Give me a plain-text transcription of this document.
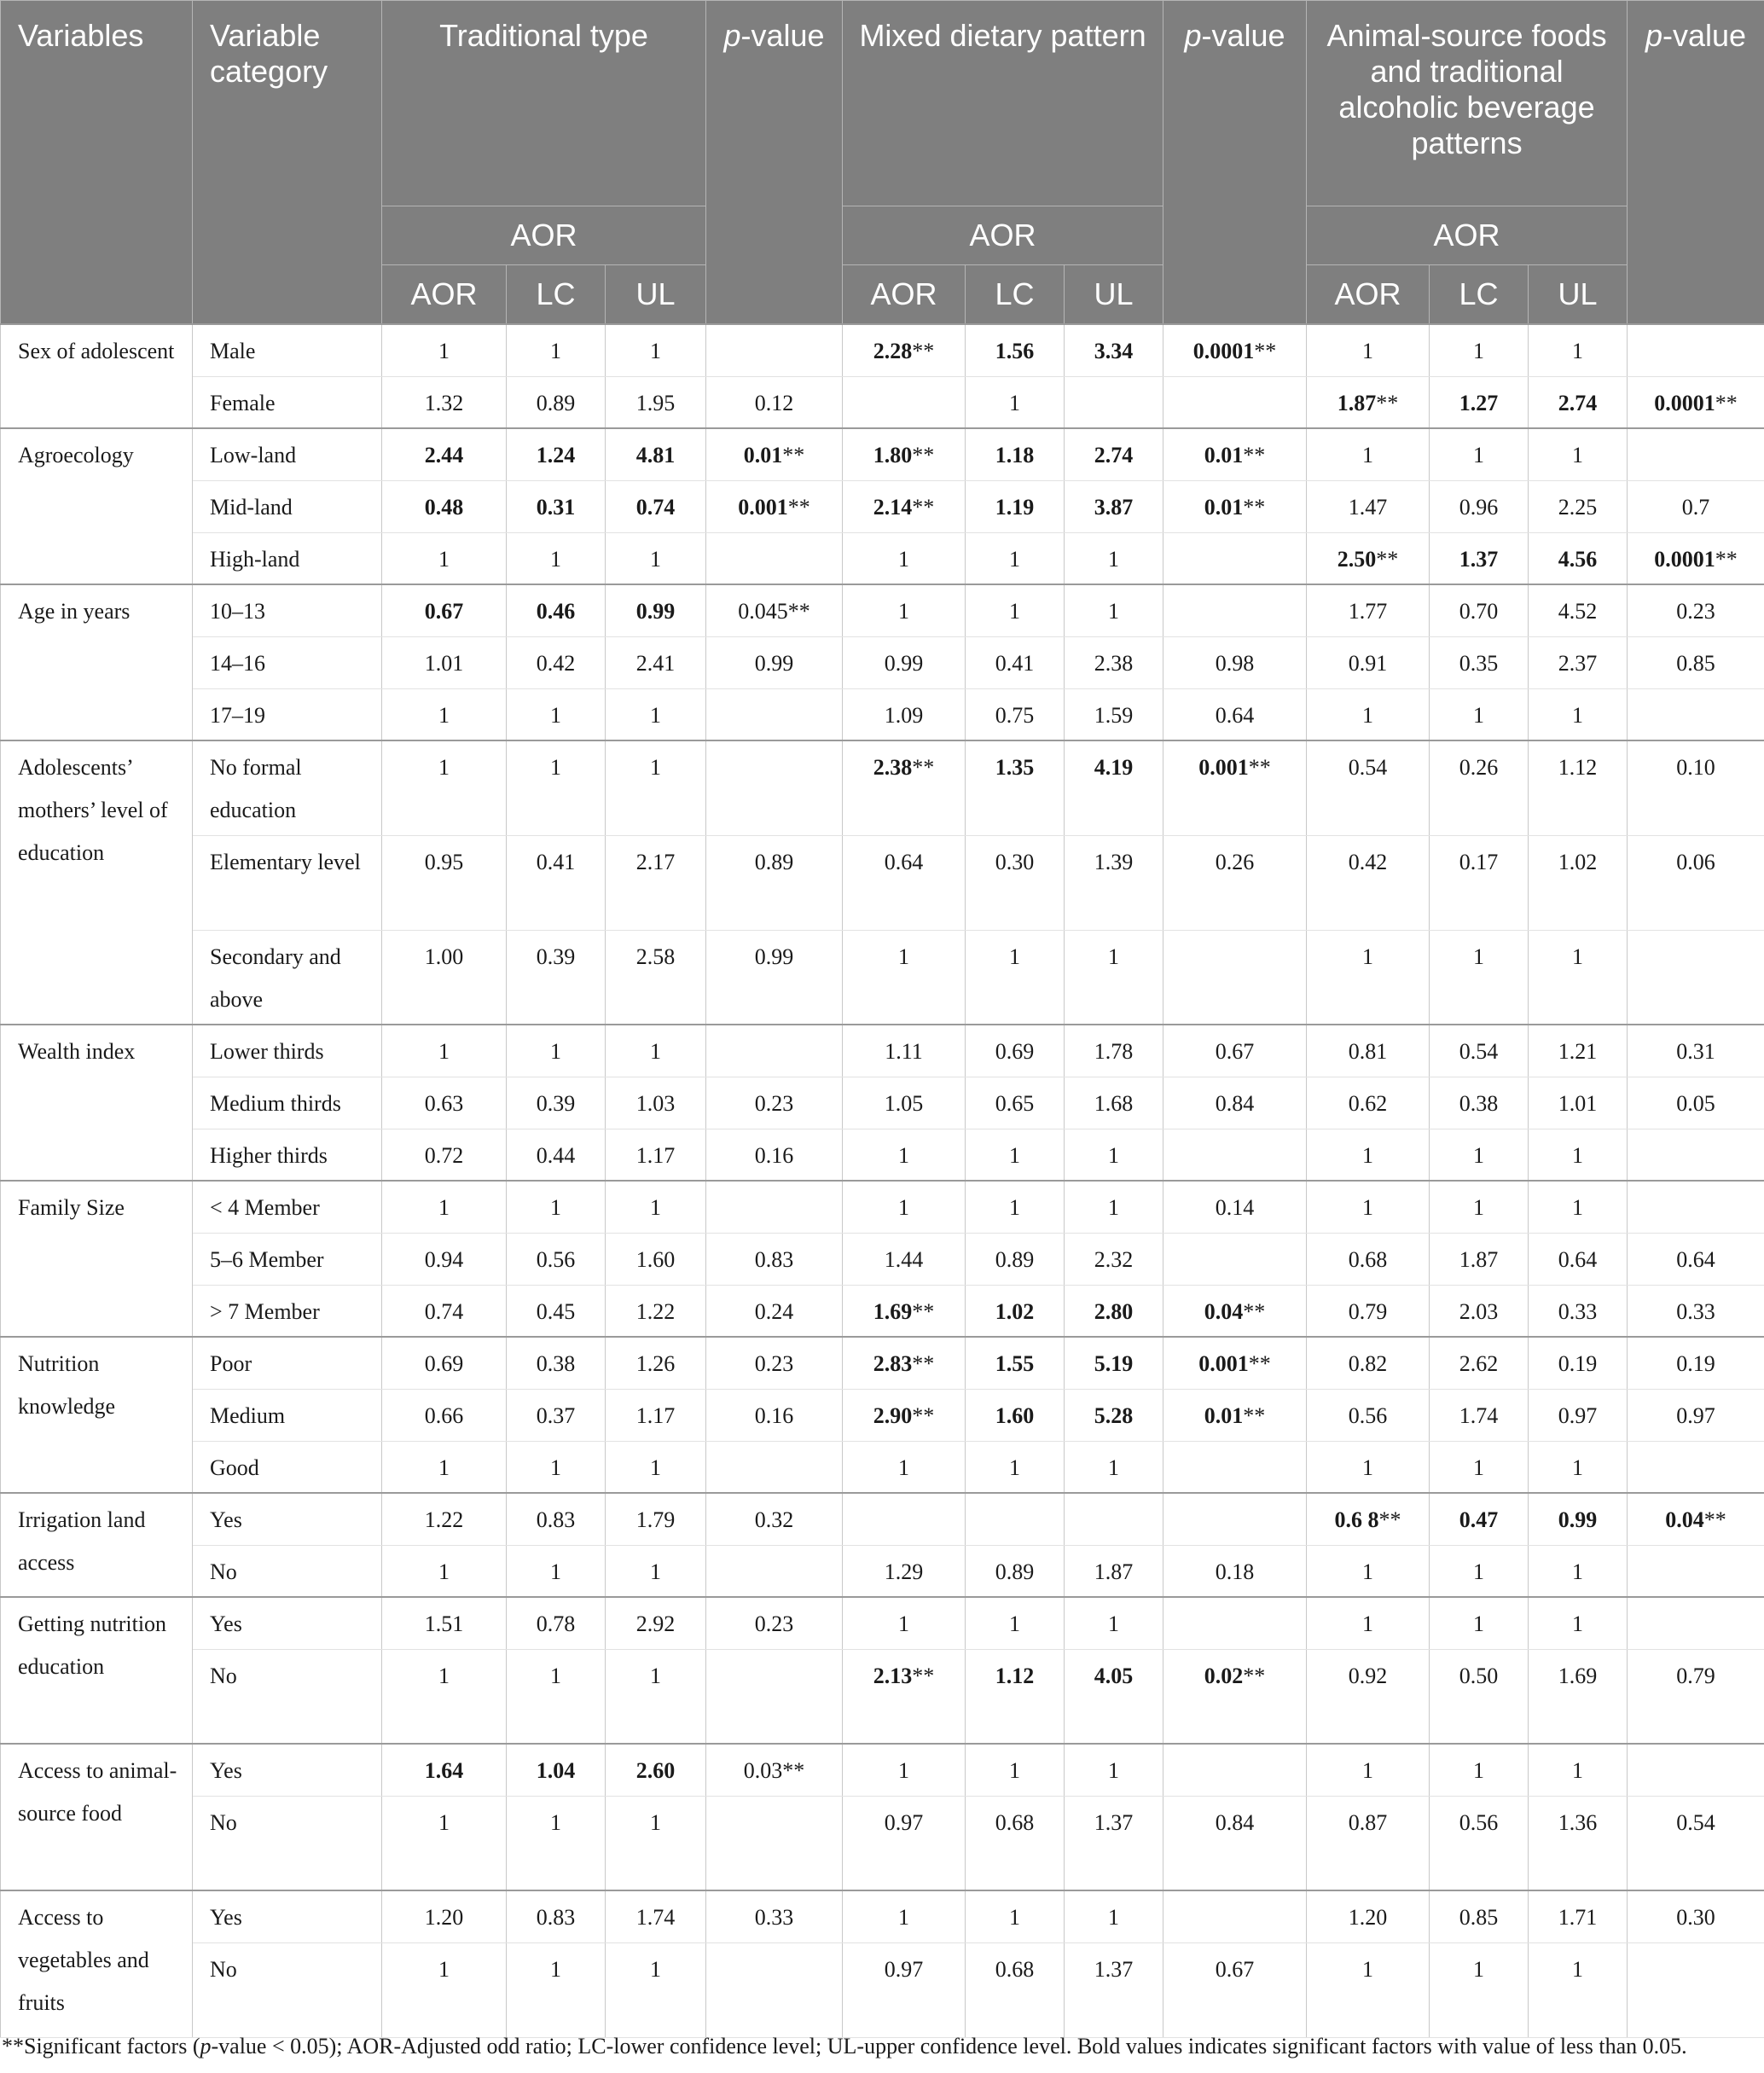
Variables	Variable category	Traditional type			p-value	Mixed dietary pattern			p-value	Animal-source foods and traditional alcoholic beverage patterns			p-value
		AOR				AOR				AOR			
		AOR	LC	UL		AOR	LC	UL		AOR	LC	UL	
Sex of adolescent	Male	1	1	1		2.28**	1.56	3.34	0.0001**	1	1	1	
	Female	1.32	0.89	1.95	0.12		1			1.87**	1.27	2.74	0.0001**
Agroecology	Low-land	2.44	1.24	4.81	0.01**	1.80**	1.18	2.74	0.01**	1	1	1	
	Mid-land	0.48	0.31	0.74	0.001**	2.14**	1.19	3.87	0.01**	1.47	0.96	2.25	0.7
	High-land	1	1	1		1	1	1		2.50**	1.37	4.56	0.0001**
Age in years	10–13	0.67	0.46	0.99	0.045**	1	1	1		1.77	0.70	4.52	0.23
	14–16	1.01	0.42	2.41	0.99	0.99	0.41	2.38	0.98	0.91	0.35	2.37	0.85
	17–19	1	1	1		1.09	0.75	1.59	0.64	1	1	1	
Adolescents’ mothers’ level of education	No formal education	1	1	1		2.38**	1.35	4.19	0.001**	0.54	0.26	1.12	0.10
	Elementary level	0.95	0.41	2.17	0.89	0.64	0.30	1.39	0.26	0.42	0.17	1.02	0.06
	Secondary and above	1.00	0.39	2.58	0.99	1	1	1		1	1	1	
Wealth index	Lower thirds	1	1	1		1.11	0.69	1.78	0.67	0.81	0.54	1.21	0.31
	Medium thirds	0.63	0.39	1.03	0.23	1.05	0.65	1.68	0.84	0.62	0.38	1.01	0.05
	Higher thirds	0.72	0.44	1.17	0.16	1	1	1		1	1	1	
Family Size	< 4 Member	1	1	1		1	1	1	0.14	1	1	1	
	5–6 Member	0.94	0.56	1.60	0.83	1.44	0.89	2.32		0.68	1.87	0.64	0.64
	> 7 Member	0.74	0.45	1.22	0.24	1.69**	1.02	2.80	0.04**	0.79	2.03	0.33	0.33
Nutrition knowledge	Poor	0.69	0.38	1.26	0.23	2.83**	1.55	5.19	0.001**	0.82	2.62	0.19	0.19
	Medium	0.66	0.37	1.17	0.16	2.90**	1.60	5.28	0.01**	0.56	1.74	0.97	0.97
	Good	1	1	1		1	1	1		1	1	1	
Irrigation land access	Yes	1.22	0.83	1.79	0.32					0.6 8**	0.47	0.99	0.04**
	No	1	1	1		1.29	0.89	1.87	0.18	1	1	1	
Getting nutrition education	Yes	1.51	0.78	2.92	0.23	1	1	1		1	1	1	
	No	1	1	1		2.13**	1.12	4.05	0.02**	0.92	0.50	1.69	0.79
Access to animal-source food	Yes	1.64	1.04	2.60	0.03**	1	1	1		1	1	1	
	No	1	1	1		0.97	0.68	1.37	0.84	0.87	0.56	1.36	0.54
Access to vegetables and fruits	Yes	1.20	0.83	1.74	0.33	1	1	1		1.20	0.85	1.71	0.30
	No	1	1	1		0.97	0.68	1.37	0.67	1	1	1	
**Significant factors (p-value < 0.05); AOR-Adjusted odd ratio; LC-lower confidence level; UL-upper confidence level. Bold values indicates significant factors with value of less than 0.05.
